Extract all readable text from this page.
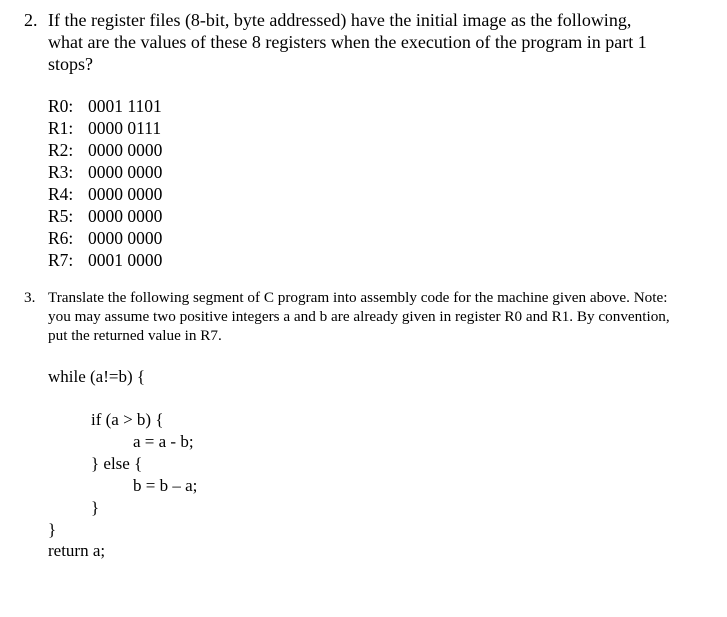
2. If the register files (8-bit, byte addressed) have the initial image as the following,
what are the values of these 8 registers when the execution of the program in part 1
stops?
R0: 0001 1101
R1: 0000 0111
R2: 0000 0000
R3: 0000 0000
R4: 0000 0000
R5: 0000 0000
R6: 0000 0000
R7: 0001 0000
3. Translate the following segment of C program into assembly code for the machine given above. Note:
you may assume two positive integers a and b are already given in register R0 and R1. By convention,
put the returned value in R7.
while (a!=b) {
if (a > b) {
a = a - b;
} else {
b = b – a;
}
}
return a;
